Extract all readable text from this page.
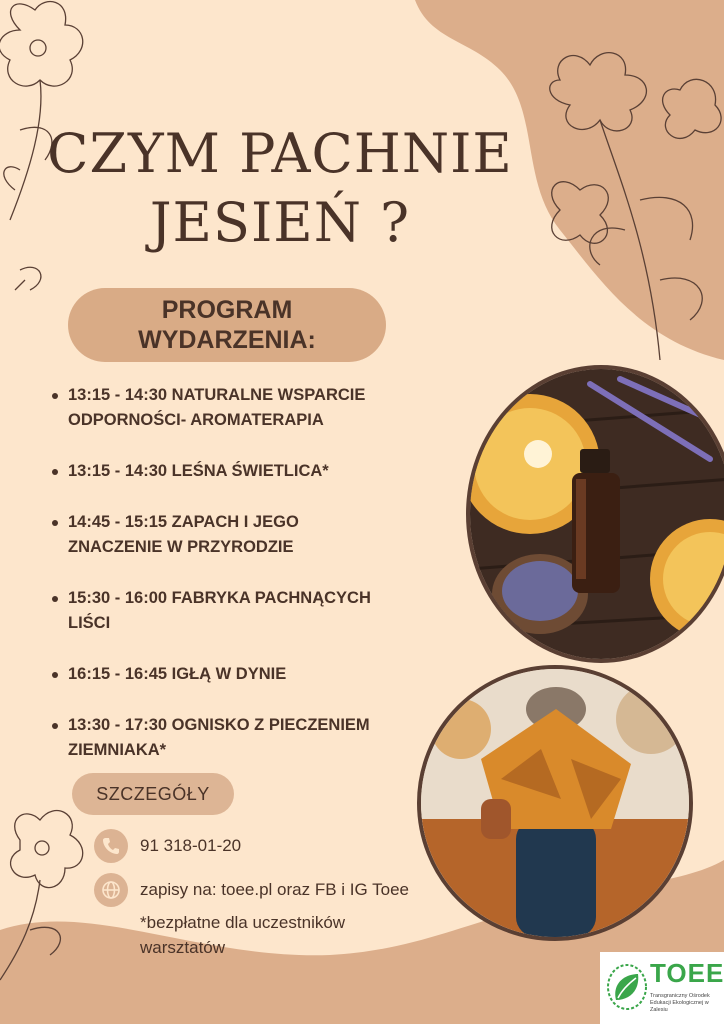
CZYM PACHNIE
JESIEŃ ?
PROGRAM
WYDARZENIA:
13:15 - 14:30 NATURALNE WSPARCIE
ODPORNOŚCI- AROMATERAPIA
13:15 - 14:30 LEŚNA ŚWIETLICA*
14:45 - 15:15 ZAPACH I JEGO
ZNACZENIE W PRZYRODZIE
15:30 - 16:00 FABRYKA PACHNĄCYCH
LIŚCI
16:15 - 16:45 IGŁĄ W DYNIE
13:30 - 17:30 OGNISKO Z PIECZENIEM
ZIEMNIAKA*
SZCZEGÓŁY
91 318-01-20
zapisy na: toee.pl oraz FB i IG Toee
*bezpłatne dla uczestników
warsztatów
TOEE
Transgraniczny Ośrodek
Edukacji Ekologicznej w Zalesiu
